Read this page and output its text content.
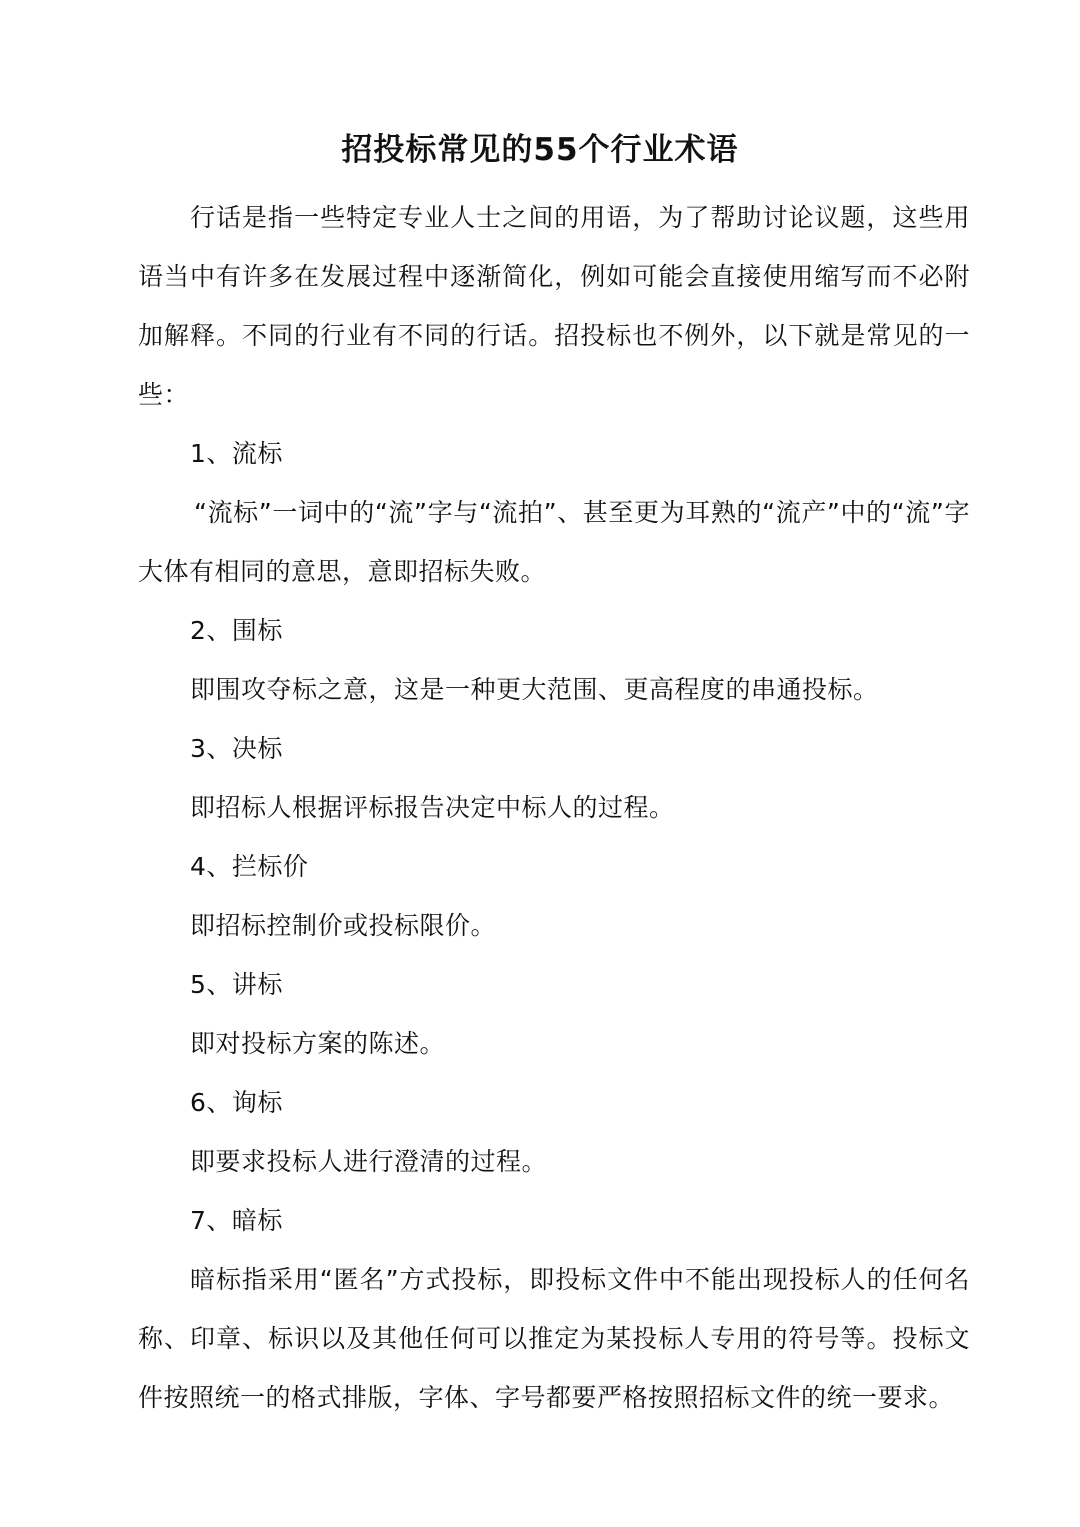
招投标常见的55个行业术语

行话是指一些特定专业人士之间的用语，为了帮助讨论议题，这些用语当中有许多在发展过程中逐渐简化，例如可能会直接使用缩写而不必附加解释。不同的行业有不同的行话。招投标也不例外，以下就是常见的一些：

1、流标

“流标”一词中的“流”字与“流拍”、甚至更为耳熟的“流产”中的“流”字大体有相同的意思，意即招标失败。

2、围标

即围攻夺标之意，这是一种更大范围、更高程度的串通投标。

3、决标

即招标人根据评标报告决定中标人的过程。

4、拦标价

即招标控制价或投标限价。

5、讲标

即对投标方案的陈述。

6、询标

即要求投标人进行澄清的过程。

7、暗标

暗标指采用“匿名”方式投标，即投标文件中不能出现投标人的任何名称、印章、标识以及其他任何可以推定为某投标人专用的符号等。投标文件按照统一的格式排版，字体、字号都要严格按照招标文件的统一要求。
